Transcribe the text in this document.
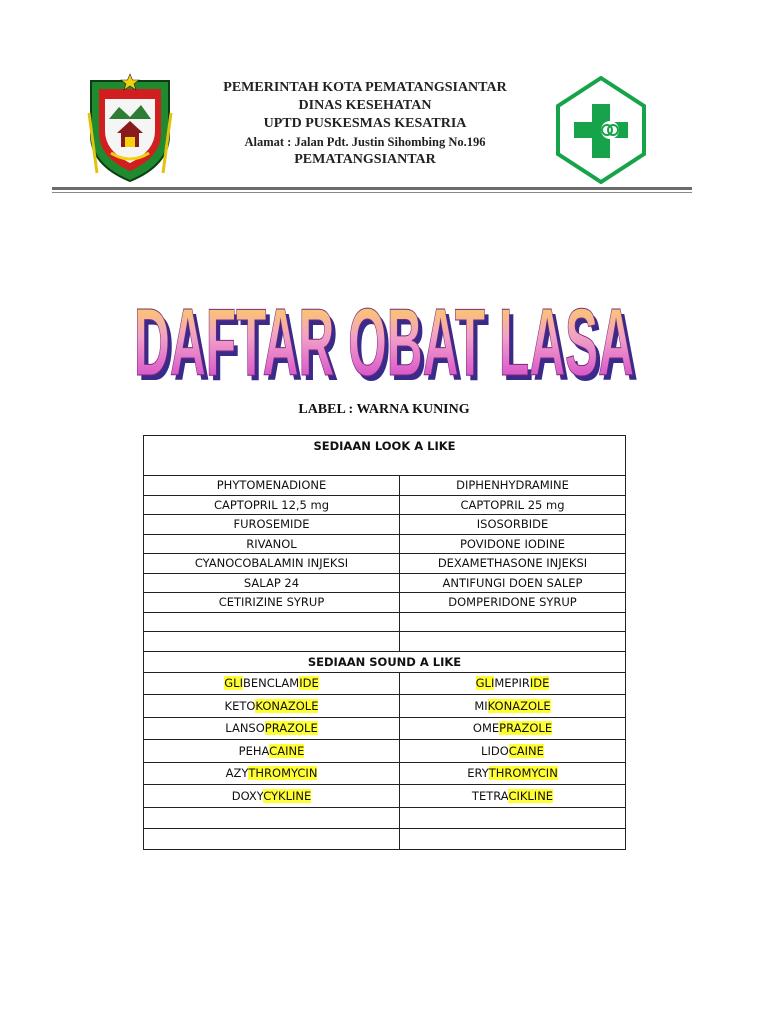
PEMERINTAH KOTA PEMATANGSIANTAR
DINAS KESEHATAN
UPTD PUSKESMAS KESATRIA
Alamat : Jalan Pdt. Justin Sihombing No.196
PEMATANGSIANTAR
DAFTAR OBAT LASA
DAFTAR OBAT LASA
LABEL : WARNA KUNING
SEDIAAN LOOK A LIKE	
PHYTOMENADIONE	DIPHENHYDRAMINE
CAPTOPRIL 12,5 mg	CAPTOPRIL 25 mg
FUROSEMIDE	ISOSORBIDE
RIVANOL	POVIDONE IODINE
CYANOCOBALAMIN INJEKSI	DEXAMETHASONE INJEKSI
SALAP 24	ANTIFUNGI DOEN SALEP
CETIRIZINE SYRUP	DOMPERIDONE SYRUP

SEDIAAN SOUND A LIKE	
GLIBENCLAMIDE	GLIMEPIRIDE
KETOKONAZOLE	MIKONAZOLE
LANSOPRAZOLE	OMEPRAZOLE
PEHACAINE	LIDOCAINE
AZYTHROMYCIN	ERYTHROMYCIN
DOXYCYKLINE	TETRACIKLINE
